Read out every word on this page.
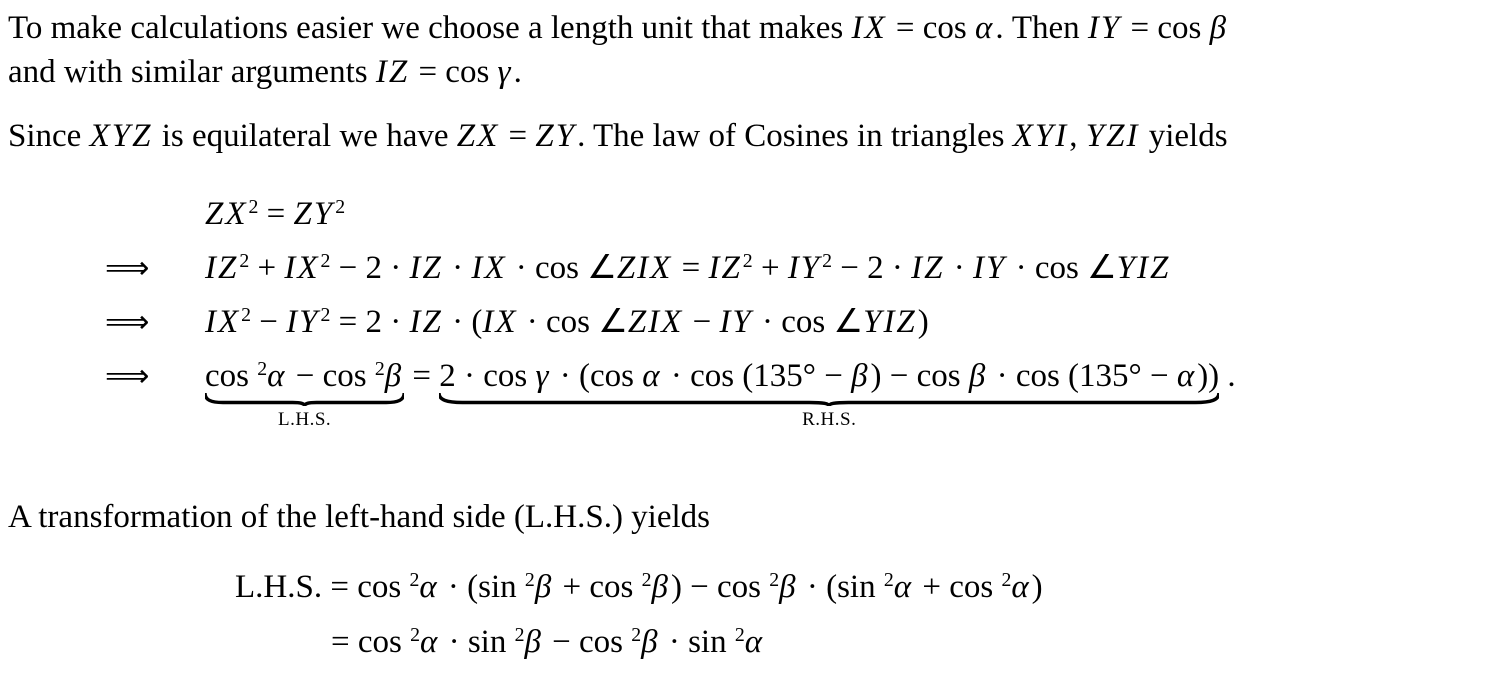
To make calculations easier we choose a length unit that makes IX = cos α. Then IY = cos β
and with similar arguments IZ = cos γ.

Since XYZ is equilateral we have ZX = ZY. The law of Cosines in triangles XYI, YZI yields

$ZX^2 = ZY^2$
⟹	$IZ^2 + IX^2 - 2$ · IZ · IX · cos ∠ZIX = $IZ^2 + IY^2 - 2$ · IZ · IY · cos ∠YIZ
⟹	$IX^2 - IY^2 = 2$ · IZ · (IX · cos ∠ZIX − IY · cos ∠YIZ)
⟹	cos $^2$α − cos $^2$β
L.H.S.
= 2 · cos γ · (cos α · cos (135° − β) − cos β · cos (135° − α))
R.H.S.
.

A transformation of the left-hand side (L.H.S.) yields

L.H.S. = cos $^2$α · (sin $^2$β + cos $^2$β) − cos $^2$β · (sin $^2$α + cos $^2$α)
= cos $^2$α · sin $^2$β − cos $^2$β · sin $^2$α
